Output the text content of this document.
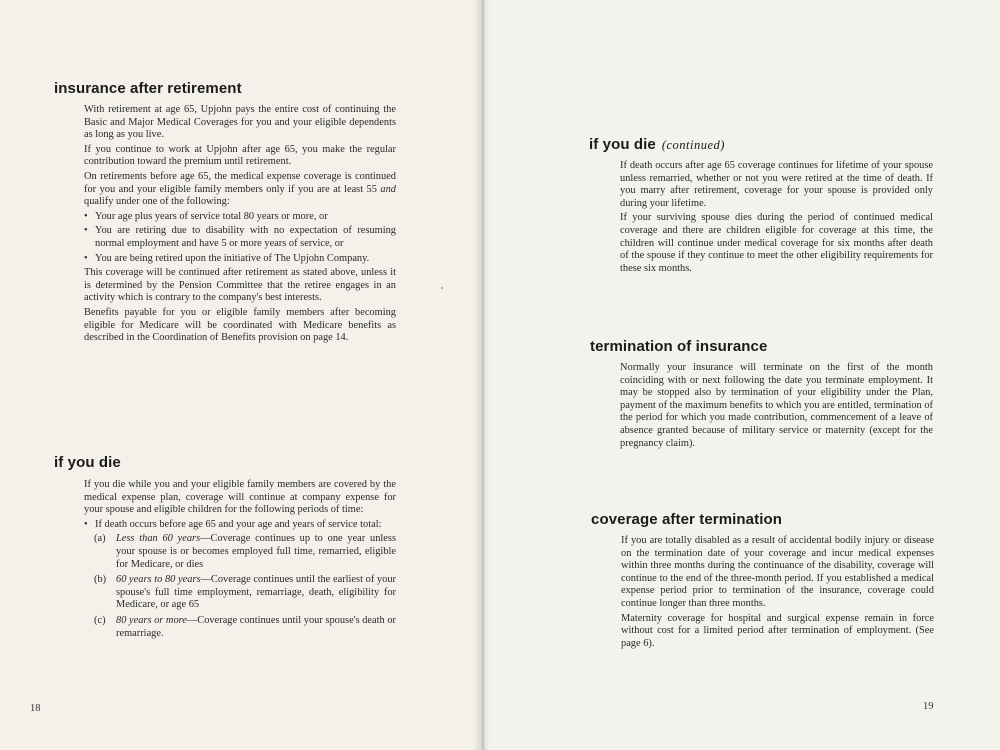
insurance after retirement

With retirement at age 65, Upjohn pays the entire cost of continuing the Basic and Major Medical Coverages for you and your eligible dependents as long as you live.

If you continue to work at Upjohn after age 65, you make the regular contribution toward the premium until retirement.

On retirements before age 65, the medical expense coverage is continued for you and your eligible family members only if you are at least 55 and qualify under one of the following:

• Your age plus years of service total 80 years or more, or
• You are retiring due to disability with no expectation of resuming normal employment and have 5 or more years of service, or
• You are being retired upon the initiative of The Upjohn Company.

This coverage will be continued after retirement as stated above, unless it is determined by the Pension Committee that the retiree engages in an activity which is contrary to the company's best interests.

Benefits payable for you or eligible family members after becoming eligible for Medicare will be coordinated with Medicare benefits as described in the Coordination of Benefits provision on page 14.

if you die

If you die while you and your eligible family members are covered by the medical expense plan, coverage will continue at company expense for your spouse and eligible children for the following periods of time:

• If death occurs before age 65 and your age and years of service total:
(a) Less than 60 years—Coverage continues up to one year unless your spouse is or becomes employed full time, remarried, eligible for Medicare, or dies
(b) 60 years to 80 years—Coverage continues until the earliest of your spouse's full time employment, remarriage, death, eligibility for Medicare, or age 65
(c) 80 years or more—Coverage continues until your spouse's death or remarriage.
18
if you die (continued)

If death occurs after age 65 coverage continues for lifetime of your spouse unless remarried, whether or not you were retired at the time of death. If you marry after retirement, coverage for your spouse is provided only during your lifetime.

If your surviving spouse dies during the period of continued medical coverage and there are children eligible for coverage at this time, the children will continue under medical coverage for six months after death of the spouse if they continue to meet the other eligibility requirements for these six months.

termination of insurance

Normally your insurance will terminate on the first of the month coinciding with or next following the date you terminate employment. It may be stopped also by termination of your eligibility under the Plan, payment of the maximum benefits to which you are entitled, termination of the period for which you made contribution, commencement of a leave of absence granted because of military service or maternity (except for the pregnancy claim).

coverage after termination

If you are totally disabled as a result of accidental bodily injury or disease on the termination date of your coverage and incur medical expenses within three months during the continuance of the disability, coverage will continue to the end of the three-month period. If you established a medical expense period prior to termination of the insurance, coverage could continue longer than three months.

Maternity coverage for hospital and surgical expense remain in force without cost for a limited period after termination of employment. (See page 6).

19
